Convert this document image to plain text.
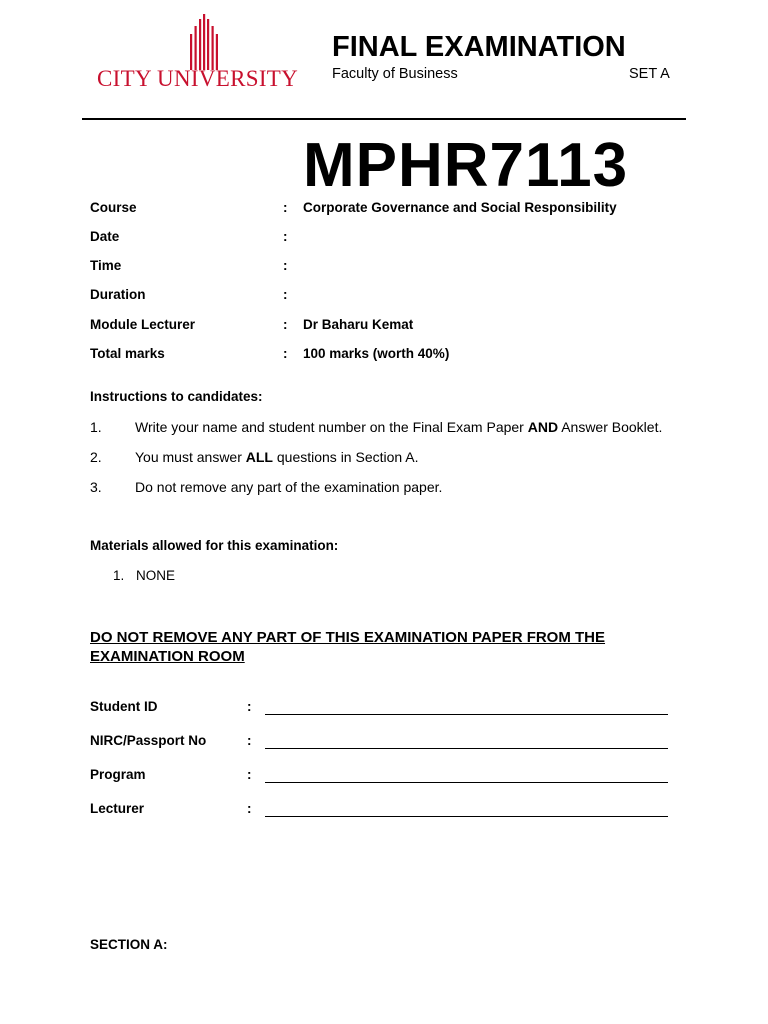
CITY UNIVERSITY
FINAL EXAMINATION
Faculty of Business	SET A
MPHR7113
Course	: Corporate Governance and Social Responsibility
Date	:
Time	:
Duration	:
Module Lecturer	: Dr Baharu Kemat
Total marks	: 100 marks (worth 40%)
Instructions to candidates:
1. Write your name and student number on the Final Exam Paper AND Answer Booklet.
2. You must answer ALL questions in Section A.
3. Do not remove any part of the examination paper.
Materials allowed for this examination:
1. NONE
DO NOT REMOVE ANY PART OF THIS EXAMINATION PAPER FROM THE EXAMINATION ROOM
Student ID	:
NIRC/Passport No	:
Program	:
Lecturer	:
SECTION A:
